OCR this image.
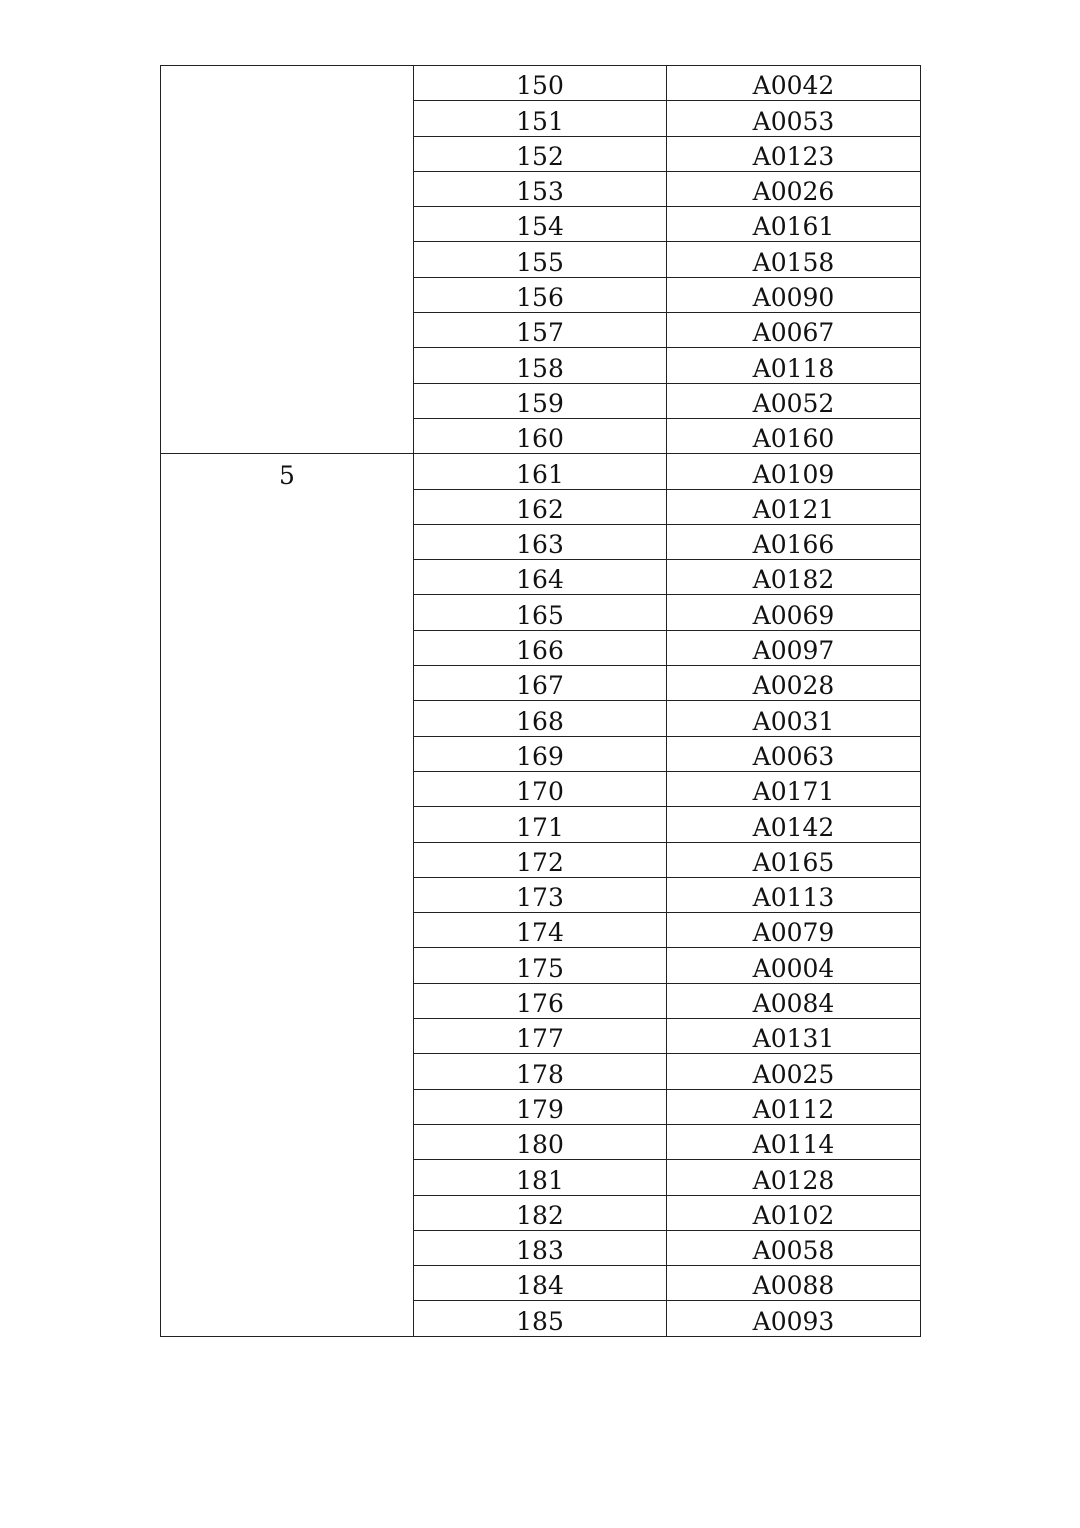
	150	A0042
	151	A0053
	152	A0123
	153	A0026
	154	A0161
	155	A0158
	156	A0090
	157	A0067
	158	A0118
	159	A0052
	160	A0160
5	161	A0109
	162	A0121
	163	A0166
	164	A0182
	165	A0069
	166	A0097
	167	A0028
	168	A0031
	169	A0063
	170	A0171
	171	A0142
	172	A0165
	173	A0113
	174	A0079
	175	A0004
	176	A0084
	177	A0131
	178	A0025
	179	A0112
	180	A0114
	181	A0128
	182	A0102
	183	A0058
	184	A0088
	185	A0093
